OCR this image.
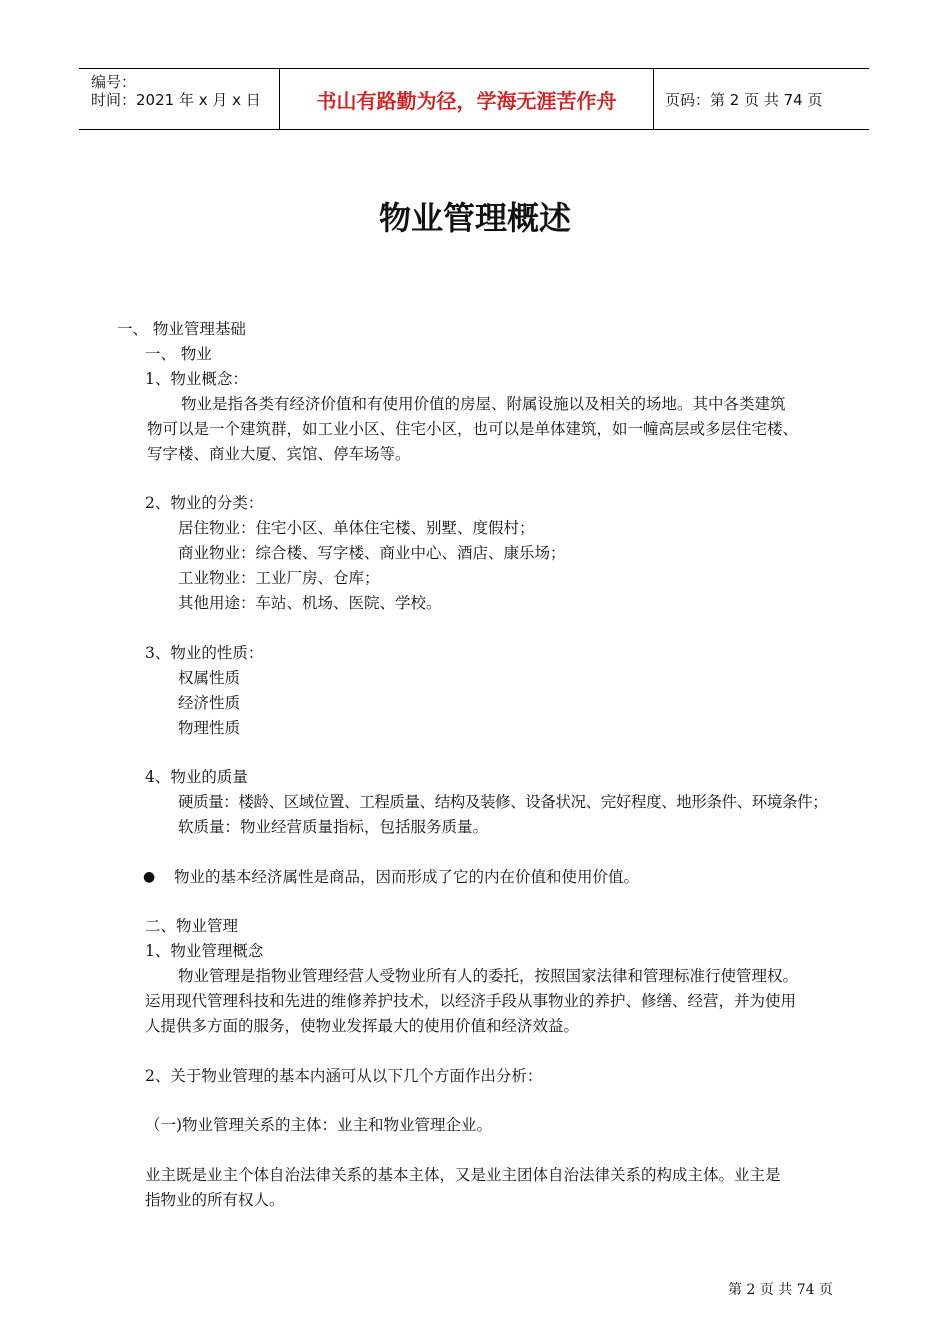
编号：
时间：2021 年 x 月 x 日	书山有路勤为径，学海无涯苦作舟	页码：第 2 页 共 74 页
物业管理概述
一、 物业管理基础
一、 物业
1、物业概念：
物业是指各类有经济价值和有使用价值的房屋、附属设施以及相关的场地。其中各类建筑
物可以是一个建筑群，如工业小区、住宅小区，也可以是单体建筑，如一幢高层或多层住宅楼、
写字楼、商业大厦、宾馆、停车场等。
2、物业的分类：
居住物业：住宅小区、单体住宅楼、别墅、度假村；
商业物业：综合楼、写字楼、商业中心、酒店、康乐场；
工业物业：工业厂房、仓库；
其他用途：车站、机场、医院、学校。
3、物业的性质：
权属性质
经济性质
物理性质
4、物业的质量
硬质量：楼龄、区域位置、工程质量、结构及装修、设备状况、完好程度、地形条件、环境条件；
软质量：物业经营质量指标，包括服务质量。
● 物业的基本经济属性是商品，因而形成了它的内在价值和使用价值。
二、物业管理
1、物业管理概念
物业管理是指物业管理经营人受物业所有人的委托，按照国家法律和管理标准行使管理权。
运用现代管理科技和先进的维修养护技术，以经济手段从事物业的养护、修缮、经营，并为使用
人提供多方面的服务，使物业发挥最大的使用价值和经济效益。
2、关于物业管理的基本内涵可从以下几个方面作出分析：
（一)物业管理关系的主体：业主和物业管理企业。
业主既是业主个体自治法律关系的基本主体，又是业主团体自治法律关系的构成主体。业主是
指物业的所有权人。
第 2 页 共 74 页
